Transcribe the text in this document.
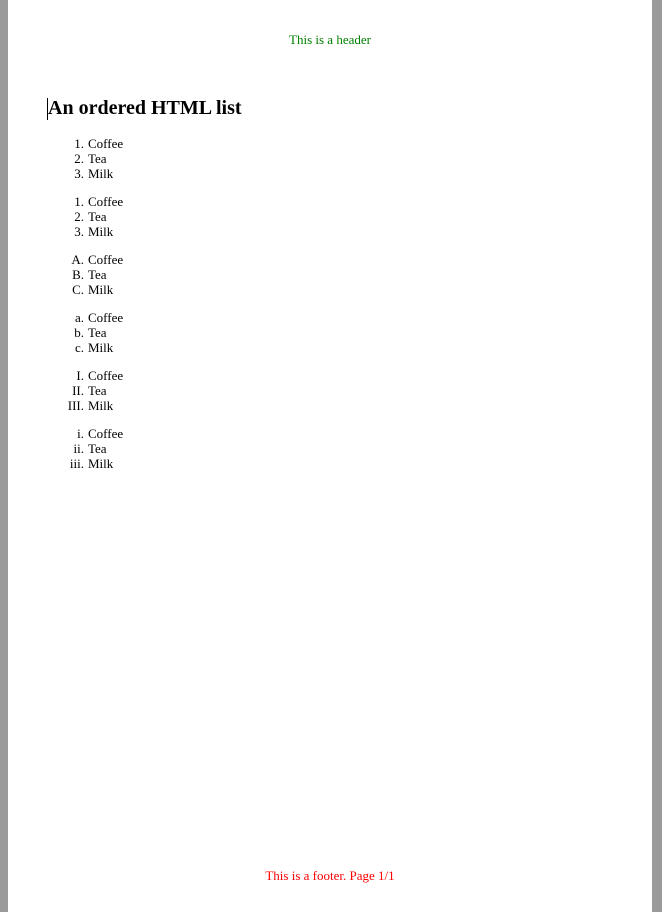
This is a header
An ordered HTML list
1. Coffee
2. Tea
3. Milk
1. Coffee
2. Tea
3. Milk
A. Coffee
B. Tea
C. Milk
a. Coffee
b. Tea
c. Milk
I. Coffee
II. Tea
III. Milk
i. Coffee
ii. Tea
iii. Milk
This is a footer. Page 1/1
